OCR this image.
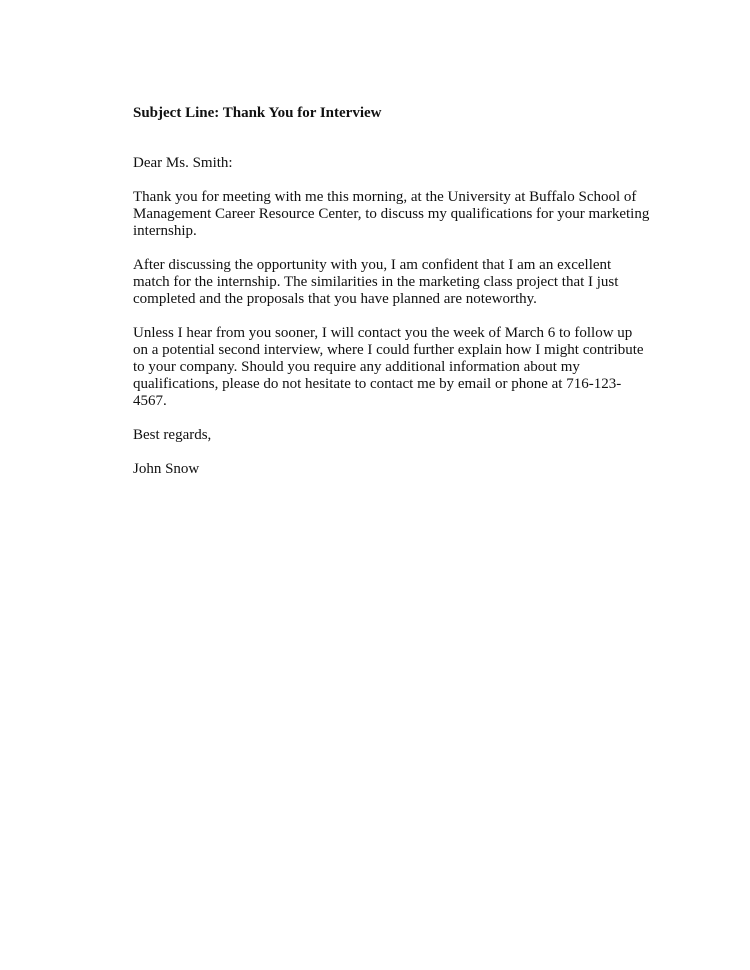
Subject Line: Thank You for Interview
Dear Ms. Smith:
Thank you for meeting with me this morning, at the University at Buffalo School of
Management Career Resource Center, to discuss my qualifications for your marketing
internship.
After discussing the opportunity with you, I am confident that I am an excellent
match for the internship. The similarities in the marketing class project that I just
completed and the proposals that you have planned are noteworthy.
Unless I hear from you sooner, I will contact you the week of March 6 to follow up
on a potential second interview, where I could further explain how I might contribute
to your company. Should you require any additional information about my
qualifications, please do not hesitate to contact me by email or phone at 716-123-
4567.
Best regards,
John Snow
